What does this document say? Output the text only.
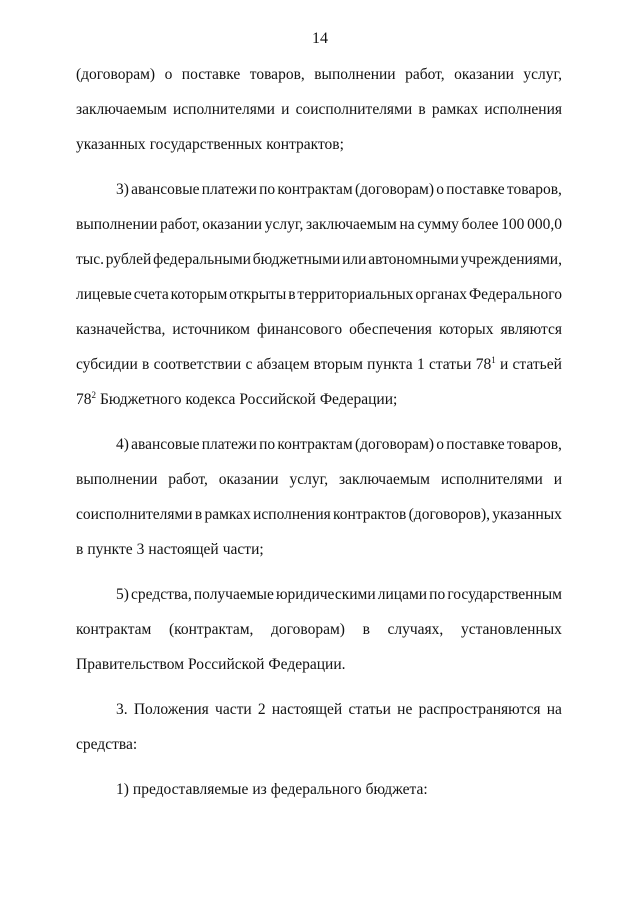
14
(договорам) о поставке товаров, выполнении работ, оказании услуг,
заключаемым исполнителями и соисполнителями в рамках исполнения
указанных государственных контрактов;
3) авансовые платежи по контрактам (договорам) о поставке товаров,
выполнении работ, оказании услуг, заключаемым на сумму более 100 000,0
тыс. рублей федеральными бюджетными или автономными учреждениями,
лицевые счета которым открыты в территориальных органах Федерального
казначейства, источником финансового обеспечения которых являются
субсидии в соответствии с абзацем вторым пункта 1 статьи $78^1$ и статьей
$78^2$ Бюджетного кодекса Российской Федерации;
4) авансовые платежи по контрактам (договорам) о поставке товаров,
выполнении работ, оказании услуг, заключаемым исполнителями и
соисполнителями в рамках исполнения контрактов (договоров), указанных
в пункте 3 настоящей части;
5) средства, получаемые юридическими лицами по государственным
контрактам (контрактам, договорам) в случаях, установленных
Правительством Российской Федерации.
3. Положения части 2 настоящей статьи не распространяются на
средства:
1) предоставляемые из федерального бюджета:
